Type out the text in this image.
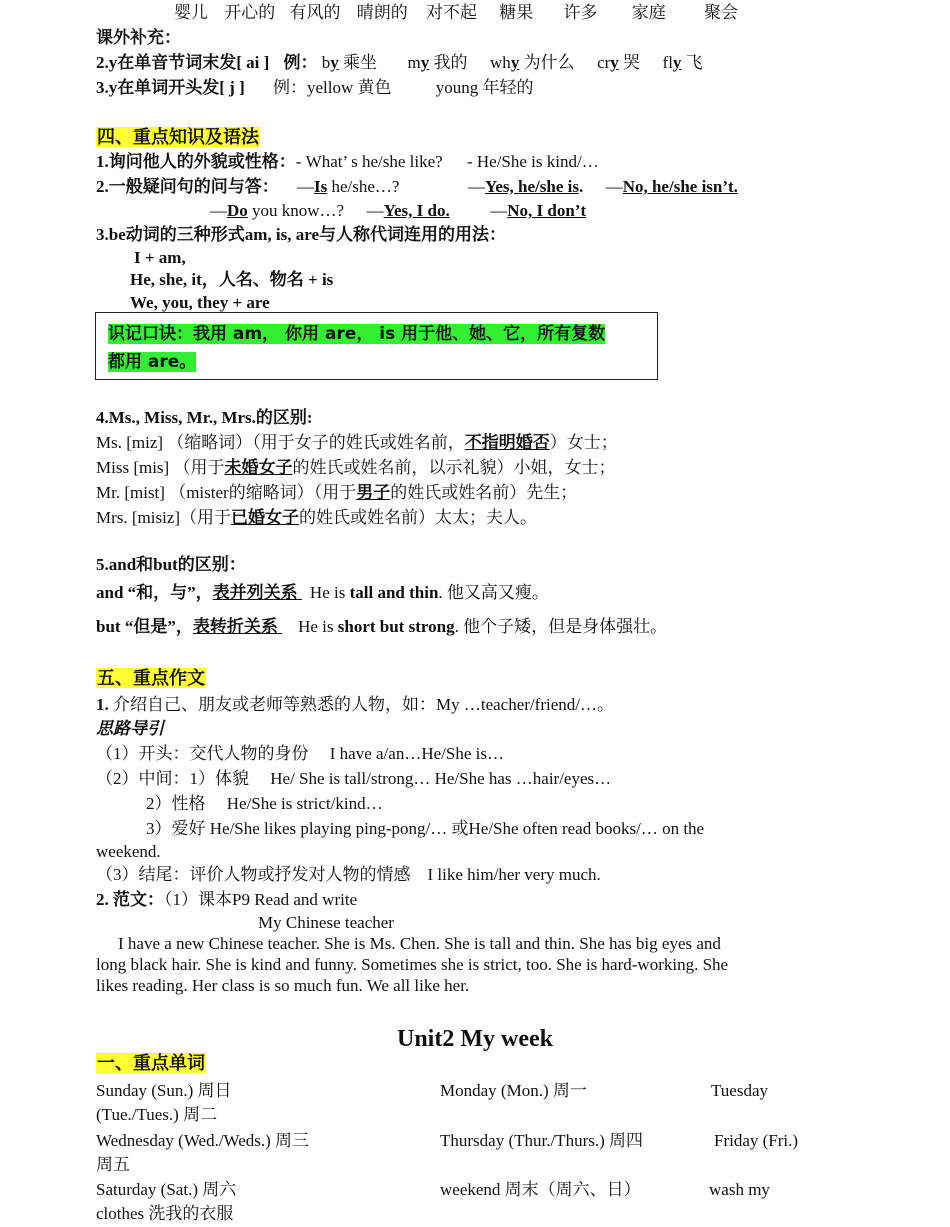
婴儿 开心的 有风的 晴朗的 对不起 糖果 许多 家庭 聚会
课外补充：
2.y在单音节词末发[ ai ] 例： by 乘坐 my 我的 why 为什么 cry 哭 fly 飞
3.y在单词开头发[ j ] 例：yellow 黄色	young 年轻的
四、重点知识及语法
1.询问他人的外貌或性格：- What’ s he/she like? - He/She is kind/…
2.一般疑问句的问与答： —Is he/she…?	—Yes, he/she is. —No, he/she isn’t.
—Do you know…? —Yes, I do. —No, I don’t
3.be动词的三种形式am, is, are与人称代词连用的用法：
I + am,
He, she, it，人名、物名 + is
We, you, they + are
识记口诀：我用 am， 你用 are， is 用于他、她、它，所有复数
都用 are。
4.Ms., Miss, Mr., Mrs.的区别:
Ms. [miz] （缩略词）（用于女子的姓氏或姓名前，不指明婚否）女士；
Miss [mis] （用于未婚女子的姓氏或姓名前，以示礼貌）小姐，女士；
Mr. [mist] （mister的缩略词）（用于男子的姓氏或姓名前）先生；
Mrs. [misiz]（用于已婚女子的姓氏或姓名前）太太；夫人。
5.and和but的区别：
and “和，与”，表并列关系 He is tall and thin. 他又高又瘦。
but “但是”，表转折关系 He is short but strong. 他个子矮，但是身体强壮。
五、重点作文
1. 介绍自己、朋友或老师等熟悉的人物，如：My …teacher/friend/…。
思路导引
（1）开头：交代人物的身份　 I have a/an…He/She is…
（2）中间：1）体貌　 He/ She is tall/strong… He/She has …hair/eyes…
2）性格　 He/She is strict/kind…
3）爱好 He/She likes playing ping-pong/… 或He/She often read books/… on the
weekend.
（3）结尾：评价人物或抒发对人物的情感　I like him/her very much.
2. 范文：（1）课本P9 Read and write
My Chinese teacher
I have a new Chinese teacher. She is Ms. Chen. She is tall and thin. She has big eyes and
long black hair. She is kind and funny. Sometimes she is strict, too. She is hard-working. She
likes reading. Her class is so much fun. We all like her.
Unit2 My week
一、重点单词
Sunday (Sun.) 周日	Monday (Mon.) 周一	Tuesday
(Tue./Tues.) 周二
Wednesday (Wed./Weds.) 周三	Thursday (Thur./Thurs.) 周四	Friday (Fri.)
周五
Saturday (Sat.) 周六	weekend 周末（周六、日）	wash my
clothes 洗我的衣服
